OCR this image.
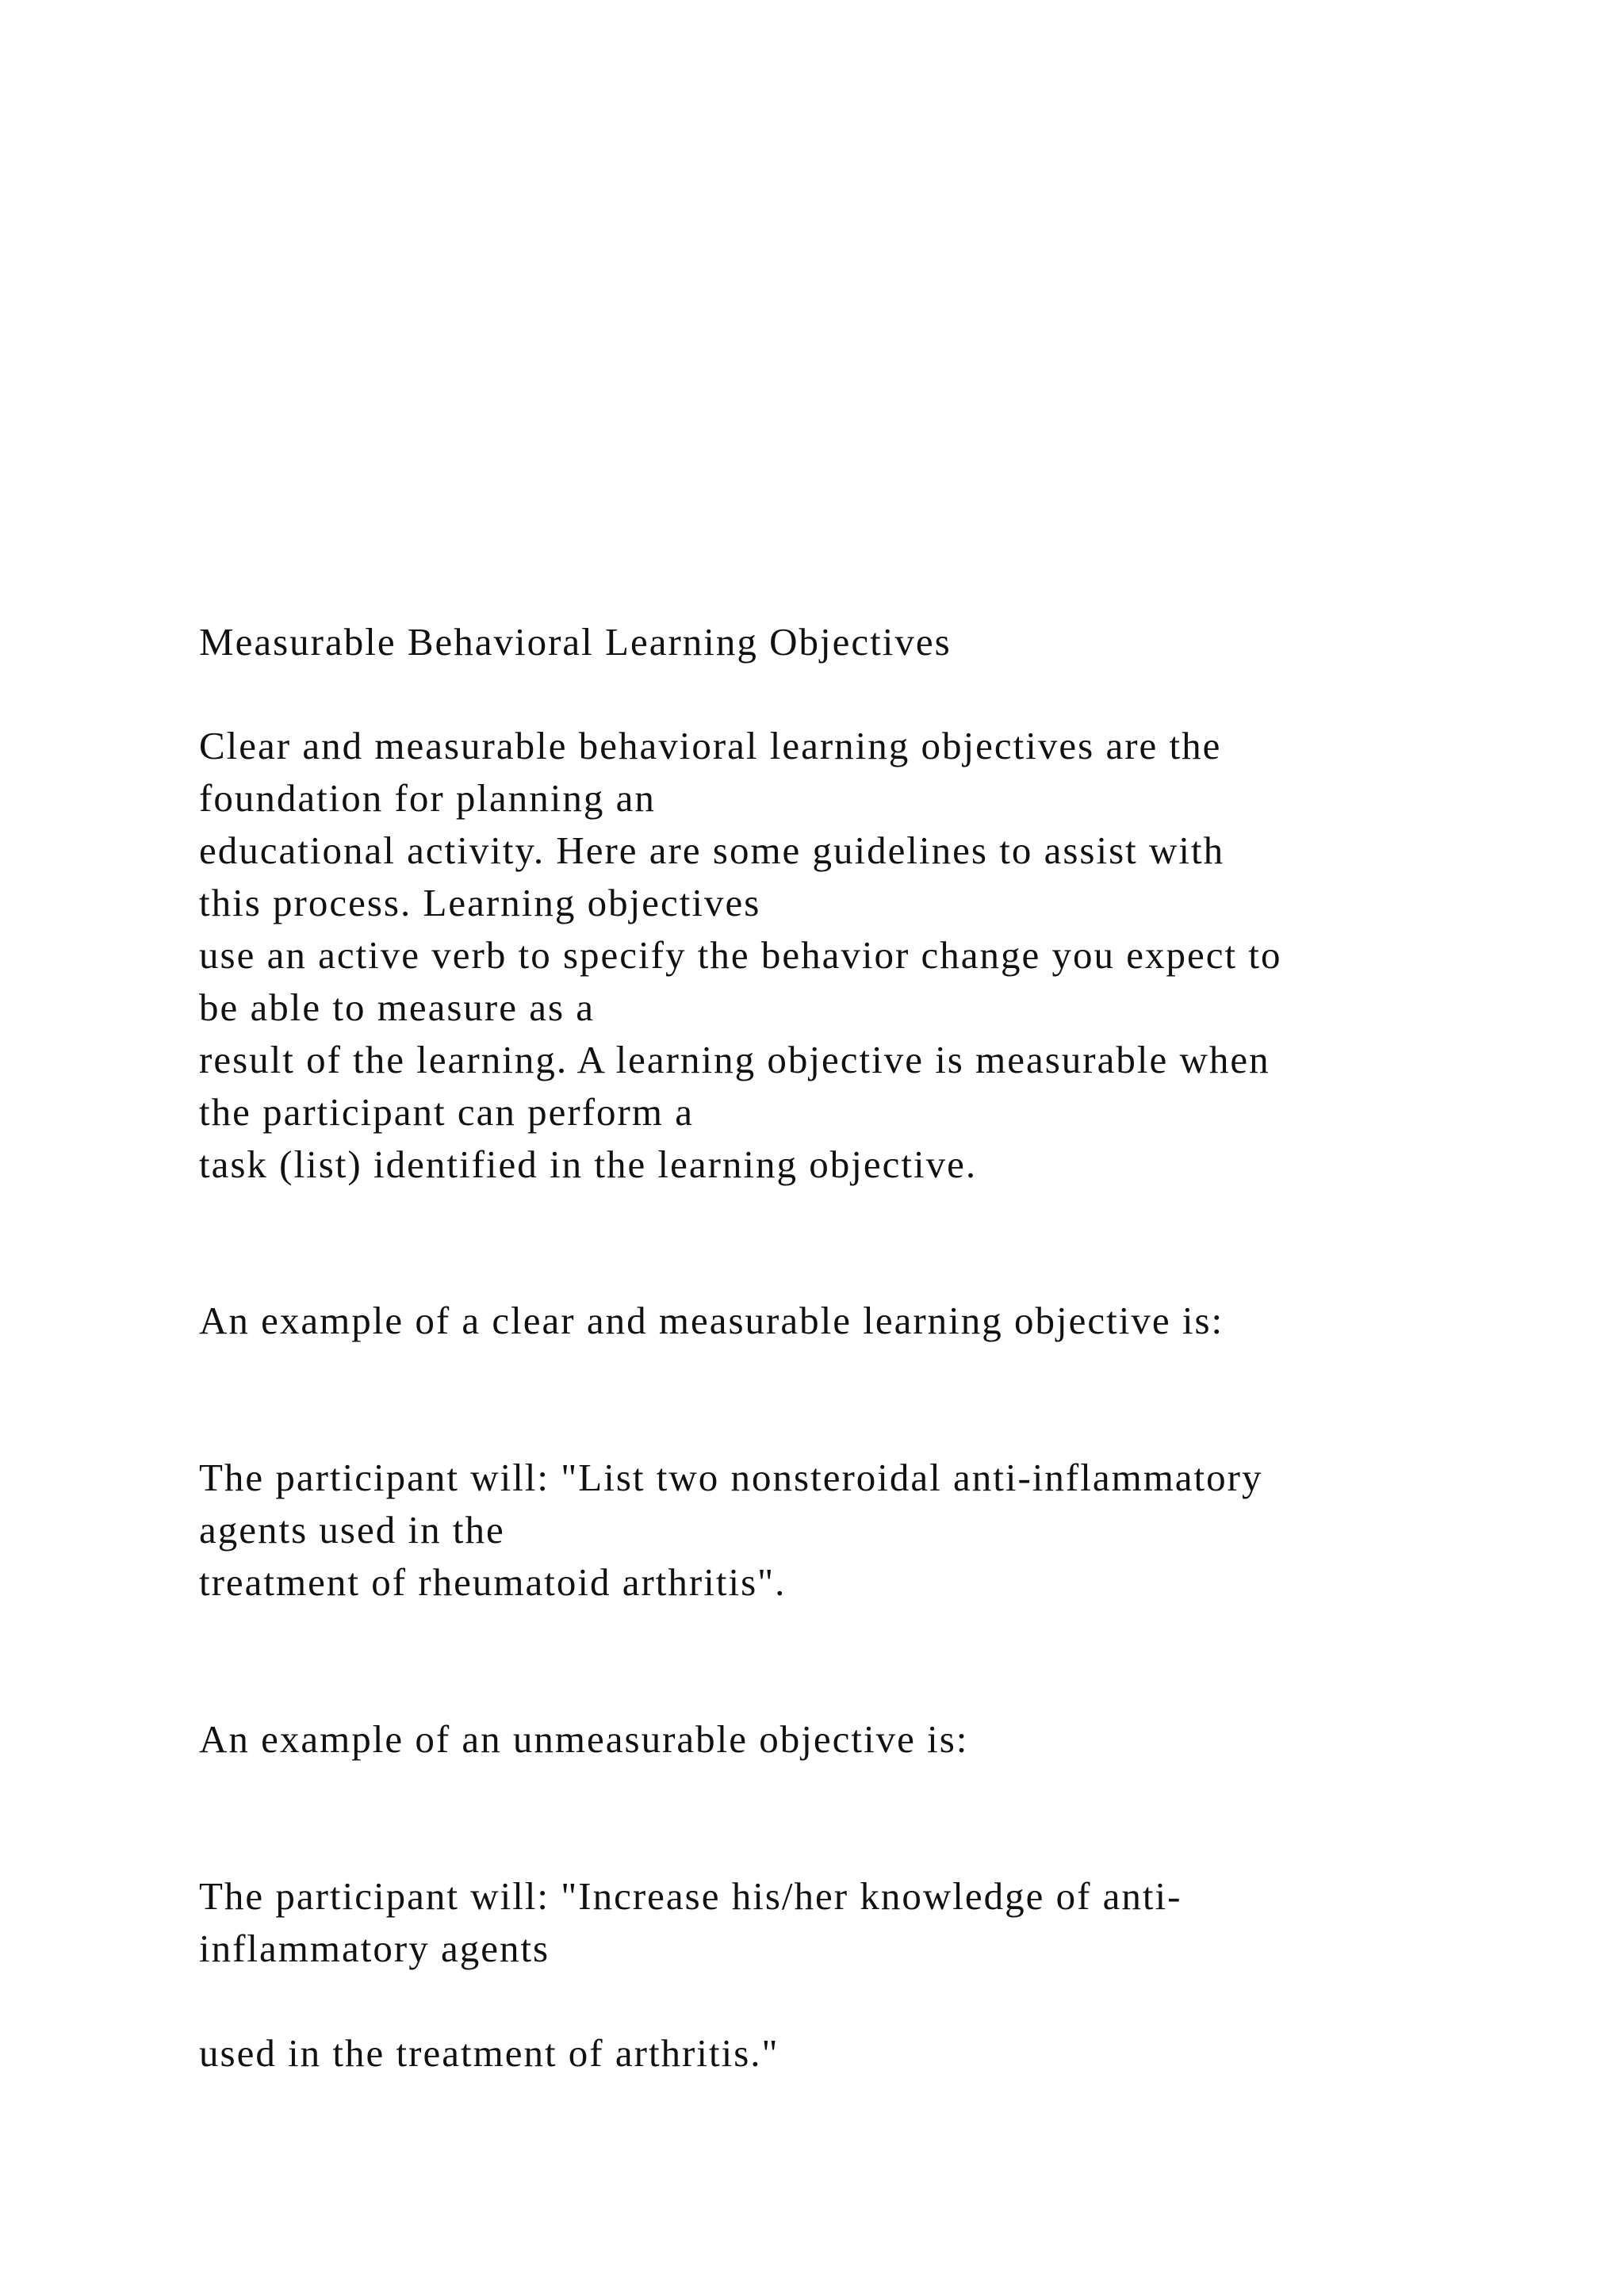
Measurable Behavioral Learning Objectives
Clear and measurable behavioral learning objectives are the
foundation for planning an
educational activity. Here are some guidelines to assist with
this process. Learning objectives
use an active verb to specify the behavior change you expect to
be able to measure as a
result of the learning. A learning objective is measurable when
the participant can perform a
task (list) identified in the learning objective.
An example of a clear and measurable learning objective is:
The participant will: "List two nonsteroidal anti-inflammatory
agents used in the
treatment of rheumatoid arthritis".
An example of an unmeasurable objective is:
The participant will: "Increase his/her knowledge of anti-
inflammatory agents
used in the treatment of arthritis."
